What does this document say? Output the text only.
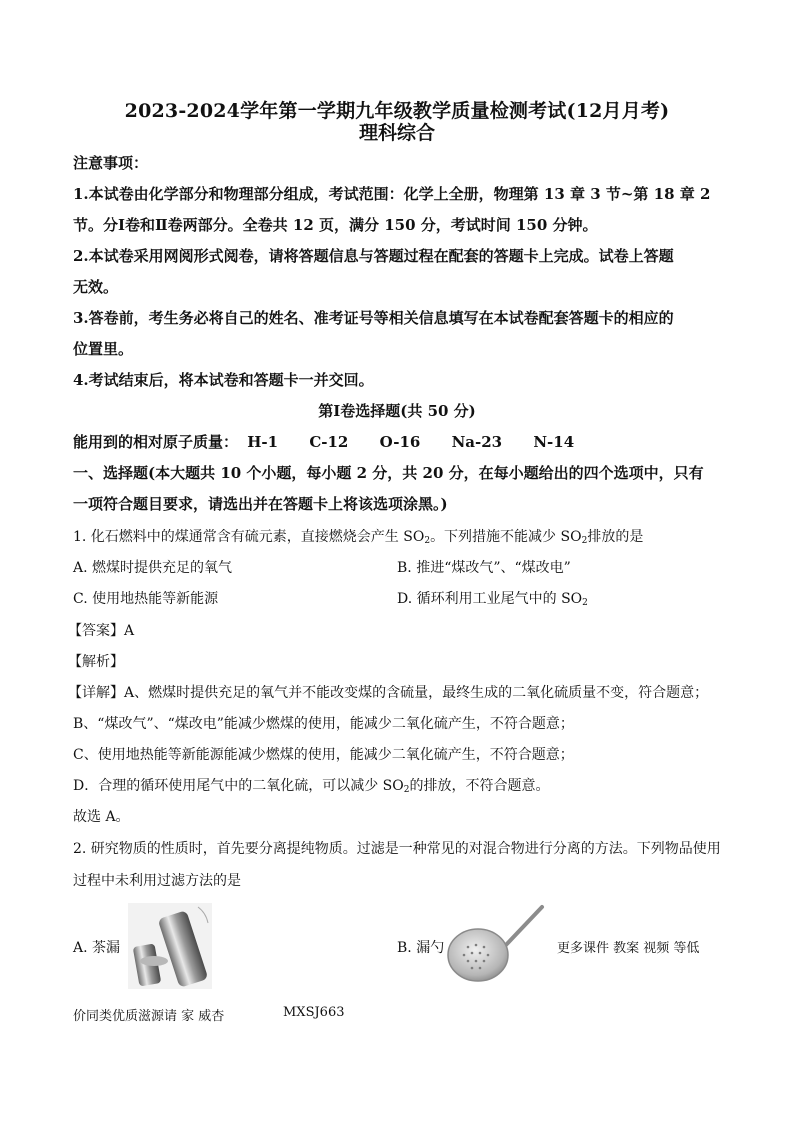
2023-2024学年第一学期九年级教学质量检测考试(12月月考)
理科综合
注意事项：
1.本试卷由化学部分和物理部分组成，考试范围：化学上全册，物理第 13 章 3 节~第 18 章 2
节。分Ⅰ卷和Ⅱ卷两部分。全卷共 12 页，满分 150 分，考试时间 150 分钟。
2.本试卷采用网阅形式阅卷，请将答题信息与答题过程在配套的答题卡上完成。试卷上答题
无效。
3.答卷前，考生务必将自己的姓名、准考证号等相关信息填写在本试卷配套答题卡的相应的
位置里。
4.考试结束后，将本试卷和答题卡一并交回。
第Ⅰ卷选择题(共 50 分)
能用到的相对原子质量： H-1 C-12 O-16 Na-23 N-14
一、选择题(本大题共 10 个小题，每小题 2 分，共 20 分，在每小题给出的四个选项中，只有
一项符合题目要求，请选出并在答题卡上将该选项涂黑。)
1. 化石燃料中的煤通常含有硫元素，直接燃烧会产生 $SO_2$。下列措施不能减少 $SO_2$排放的是
A. 燃煤时提供充足的氧气	B. 推进“煤改气”、“煤改电”
C. 使用地热能等新能源	D. 循环利用工业尾气中的 $SO_2$
【答案】A
【解析】
【详解】A、燃煤时提供充足的氧气并不能改变煤的含硫量，最终生成的二氧化硫质量不变，符合题意；
B、“煤改气”、“煤改电”能减少燃煤的使用，能减少二氧化硫产生，不符合题意；
C、使用地热能等新能源能减少燃煤的使用，能减少二氧化硫产生，不符合题意；
D．合理的循环使用尾气中的二氧化硫，可以减少 $SO_2$的排放，不符合题意。
故选 A。
2. 研究物质的性质时，首先要分离提纯物质。过滤是一种常见的对混合物进行分离的方法。下列物品使用
过程中未利用过滤方法的是
A. 茶漏	B. 漏勺	更多课件 教案 视频 等低
价同类优质滋源请 家 威杏	MXSJ663
